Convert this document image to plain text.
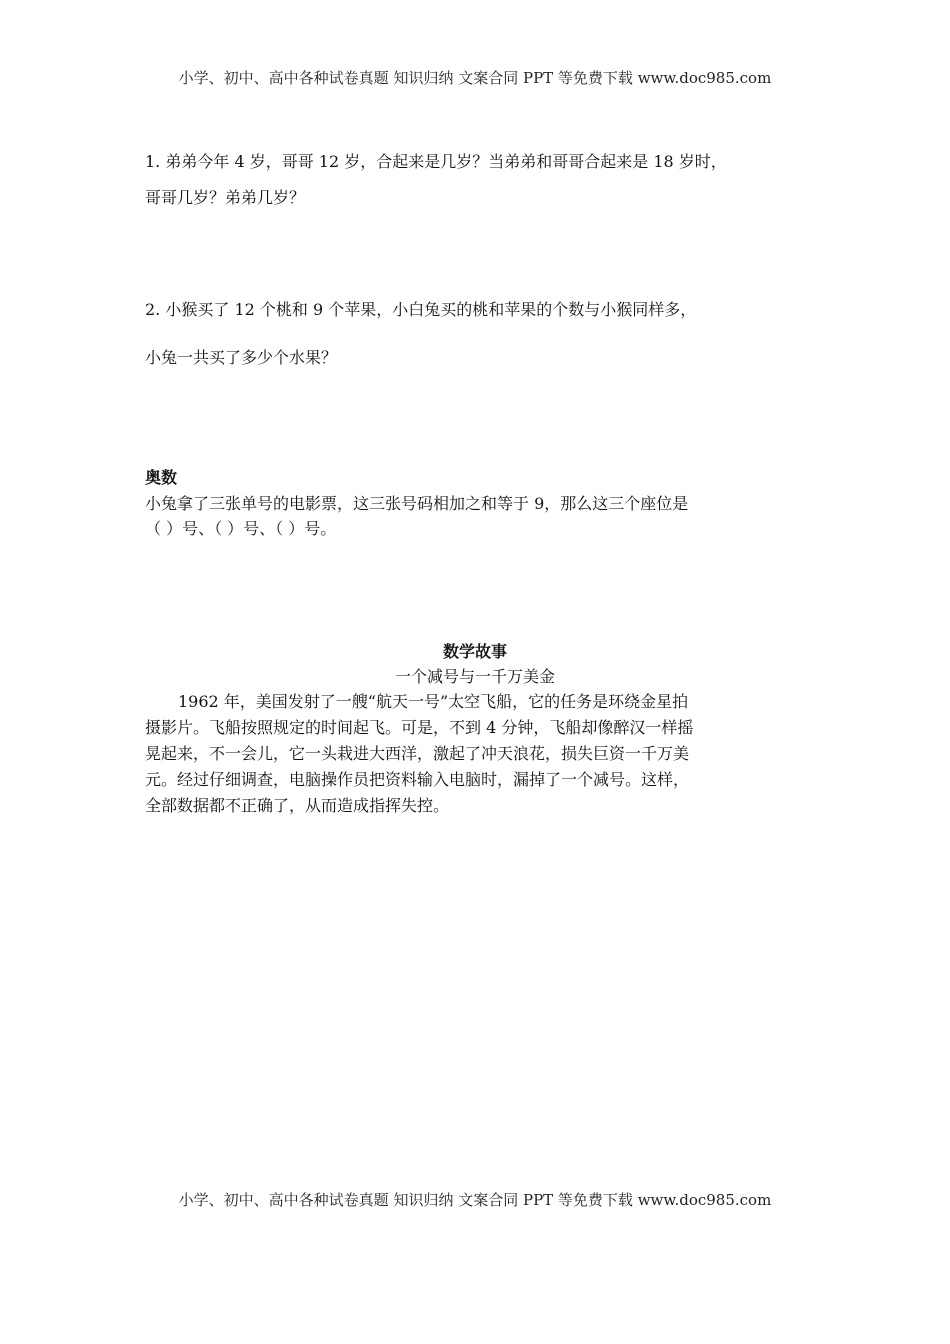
小学、初中、高中各种试卷真题 知识归纳 文案合同 PPT 等免费下载 www.doc985.com
1. 弟弟今年 4 岁，哥哥 12 岁，合起来是几岁？当弟弟和哥哥合起来是 18 岁时，
哥哥几岁？弟弟几岁？
2. 小猴买了 12 个桃和 9 个苹果，小白兔买的桃和苹果的个数与小猴同样多，
小兔一共买了多少个水果？
奥数
小兔拿了三张单号的电影票，这三张号码相加之和等于 9，那么这三个座位是
（ ）号、（ ）号、（ ）号。
数学故事
一个减号与一千万美金
1962 年，美国发射了一艘“航天一号”太空飞船，它的任务是环绕金星拍
摄影片。飞船按照规定的时间起飞。可是，不到 4 分钟，飞船却像醉汉一样摇
晃起来，不一会儿，它一头栽进大西洋，激起了冲天浪花，损失巨资一千万美
元。经过仔细调查，电脑操作员把资料输入电脑时，漏掉了一个减号。这样，
全部数据都不正确了，从而造成指挥失控。
小学、初中、高中各种试卷真题 知识归纳 文案合同 PPT 等免费下载 www.doc985.com
